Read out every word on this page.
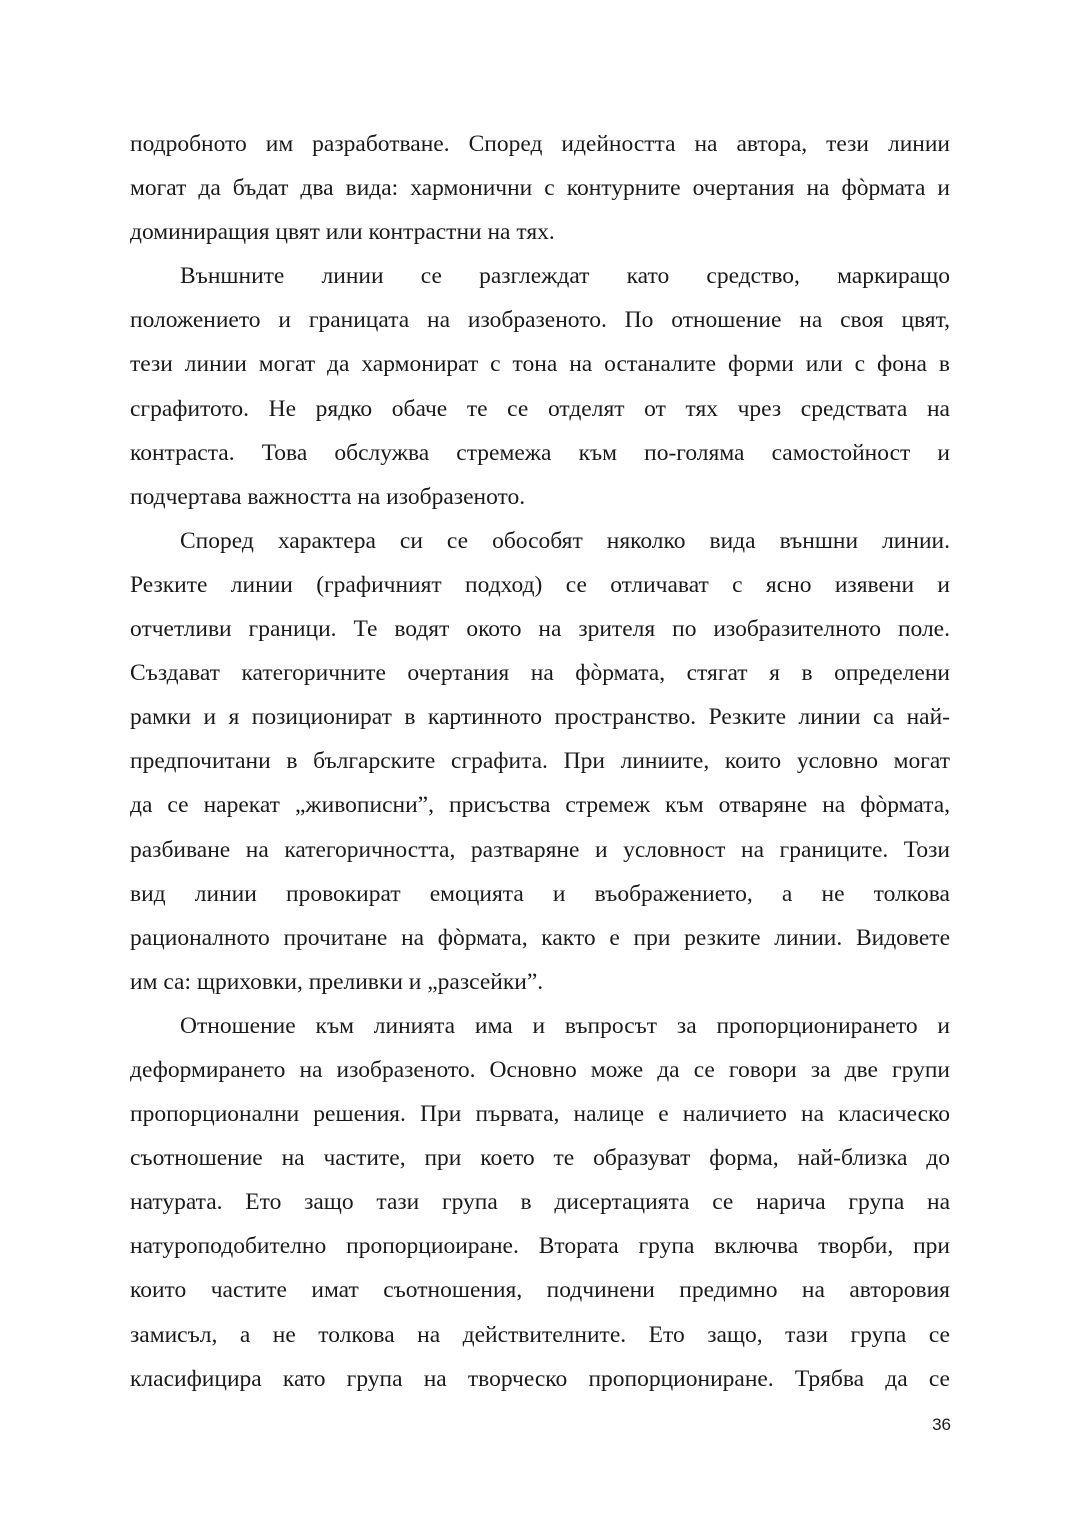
подробното им разработване. Според идейността на автора, тези линии
могат да бъдат два вида: хармонични с контурните очертания на фòрмата и
доминиращия цвят или контрастни на тях.
Външните линии се разглеждат като средство, маркиращо
положението и границата на изобразеното. По отношение на своя цвят,
тези линии могат да хармонират с тона на останалите форми или с фона в
сграфитото. Не рядко обаче те се отделят от тях чрез средствата на
контраста. Това обслужва стремежа към по-голяма самостойност и
подчертава важността на изобразеното.
Според характера си се обособят няколко вида външни линии.
Резките линии (графичният подход) се отличават с ясно изявени и
отчетливи граници. Те водят окото на зрителя по изобразителното поле.
Създават категоричните очертания на фòрмата, стягат я в определени
рамки и я позиционират в картинното пространство. Резките линии са най-
предпочитани в българските сграфита. При линиите, които условно могат
да се нарекат „живописни”, присъства стремеж към отваряне на фòрмата,
разбиване на категоричността, разтваряне и условност на границите. Този
вид линии провокират емоцията и въображението, а не толкова
рационалното прочитане на фòрмата, както е при резките линии. Видовете
им са: щриховки, преливки и „разсейки”.
Отношение към линията има и въпросът за пропорционирането и
деформирането на изобразеното. Основно може да се говори за две групи
пропорционални решения. При първата, налице е наличието на класическо
съотношение на частите, при което те образуват форма, най-близка до
натурата. Ето защо тази група в дисертацията се нарича група на
натуроподобително пропорциоиране. Втората група включва творби, при
които частите имат съотношения, подчинени предимно на авторовия
замисъл, а не толкова на действителните. Ето защо, тази група се
класифицира като група на творческо пропорциониране. Трябва да се
36
